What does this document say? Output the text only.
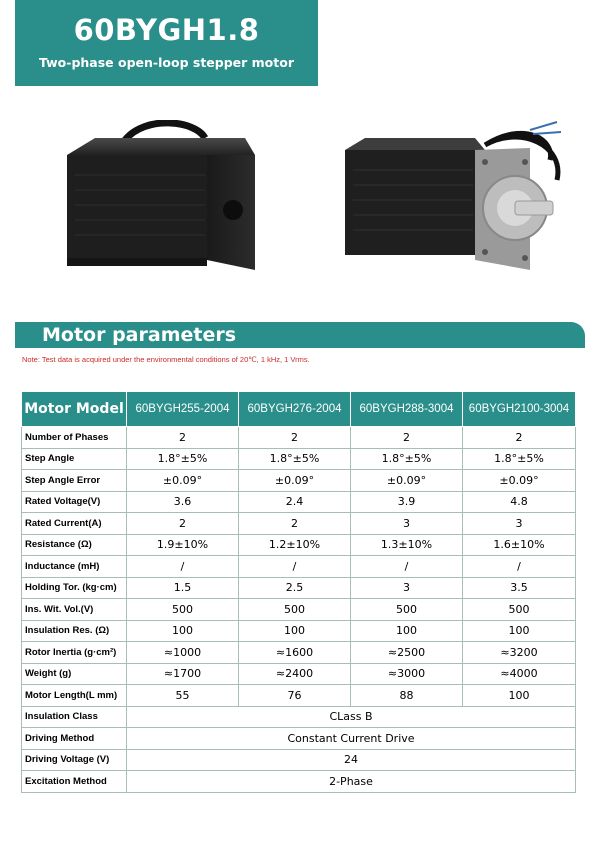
60BYGH1.8
Two-phase open-loop stepper motor
Motor parameters
Note: Test data is acquired under the environmental conditions of 20℃, 1 kHz, 1 Vrms.
Motor Model	60BYGH255-2004	60BYGH276-2004	60BYGH288-3004	60BYGH2100-3004
Number of Phases	2	2	2	2
Step Angle	1.8°±5%	1.8°±5%	1.8°±5%	1.8°±5%
Step Angle Error	±0.09°	±0.09°	±0.09°	±0.09°
Rated Voltage(V)	3.6	2.4	3.9	4.8
Rated Current(A)	2	2	3	3
Resistance (Ω)	1.9±10%	1.2±10%	1.3±10%	1.6±10%
Inductance (mH)	/	/	/	/
Holding Tor. (kg·cm)	1.5	2.5	3	3.5
Ins. Wit. Vol.(V)	500	500	500	500
Insulation Res. (Ω)	100	100	100	100
Rotor Inertia (g·cm²)	≈1000	≈1600	≈2500	≈3200
Weight (g)	≈1700	≈2400	≈3000	≈4000
Motor Length(L mm)	55	76	88	100
Insulation Class	CLass B			
Driving Method	Constant Current Drive			
Driving Voltage (V)	24			
Excitation Method	2-Phase			
